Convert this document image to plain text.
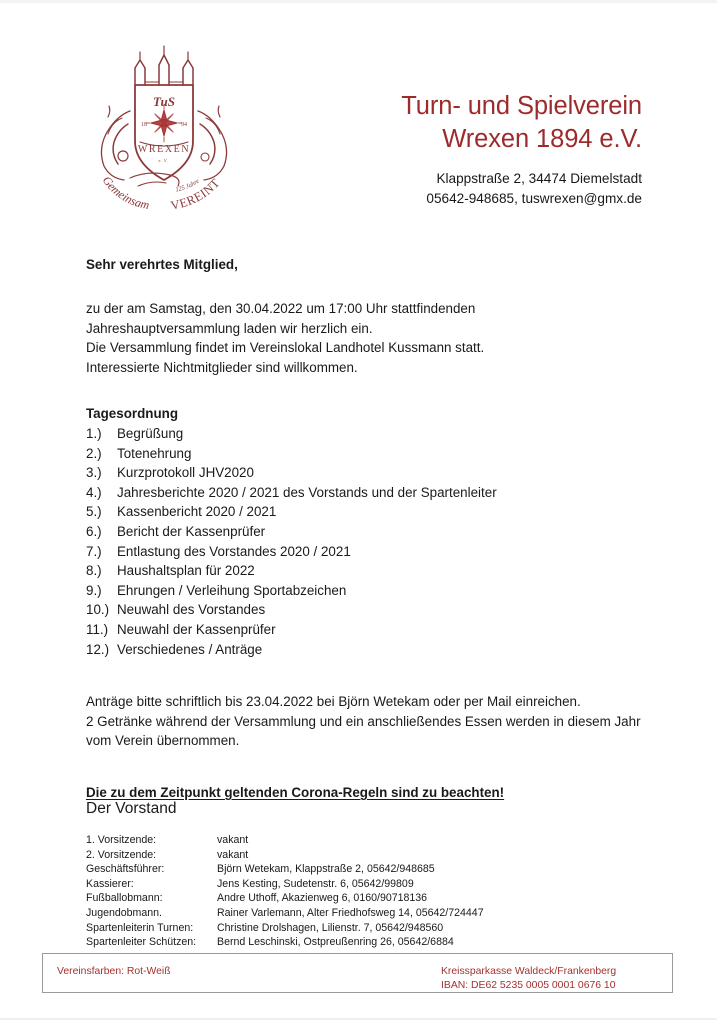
TuS
18	94
WREXEN
e.V.
Gemeinsam VEREINT
125 Jahre
Turn- und Spielverein
Wrexen 1894 e.V.
Klappstraße 2, 34474 Diemelstadt
05642-948685, tuswrexen@gmx.de
Sehr verehrtes Mitglied,
zu der am Samstag, den 30.04.2022 um 17:00 Uhr stattfindenden
Jahreshauptversammlung laden wir herzlich ein.
Die Versammlung findet im Vereinslokal Landhotel Kussmann statt.
Interessierte Nichtmitglieder sind willkommen.
Tagesordnung
1.)	Begrüßung
2.)	Totenehrung
3.)	Kurzprotokoll JHV2020
4.)	Jahresberichte 2020 / 2021 des Vorstands und der Spartenleiter
5.)	Kassenbericht 2020 / 2021
6.)	Bericht der Kassenprüfer
7.)	Entlastung des Vorstandes 2020 / 2021
8.)	Haushaltsplan für 2022
9.)	Ehrungen / Verleihung Sportabzeichen
10.) Neuwahl des Vorstandes
11.) Neuwahl der Kassenprüfer
12.) Verschiedenes / Anträge
Anträge bitte schriftlich bis 23.04.2022 bei Björn Wetekam oder per Mail einreichen.
2 Getränke während der Versammlung und ein anschließendes Essen werden in diesem Jahr
vom Verein übernommen.
Die zu dem Zeitpunkt geltenden Corona-Regeln sind zu beachten!
Der Vorstand
1. Vorsitzende:	vakant
2. Vorsitzende:	vakant
Geschäftsführer:	Björn Wetekam, Klappstraße 2, 05642/948685
Kassierer:	Jens Kesting, Sudetenstr. 6, 05642/99809
Fußballobmann:	Andre Uthoff, Akazienweg 6, 0160/90718136
Jugendobmann.	Rainer Varlemann, Alter Friedhofsweg 14, 05642/724447
Spartenleiterin Turnen:	Christine Drolshagen, Lilienstr. 7, 05642/948560
Spartenleiter Schützen:	Bernd Leschinski, Ostpreußenring 26, 05642/6884
Vereinsfarben: Rot-Weiß	Kreissparkasse Waldeck/Frankenberg
IBAN: DE62 5235 0005 0001 0676 10
